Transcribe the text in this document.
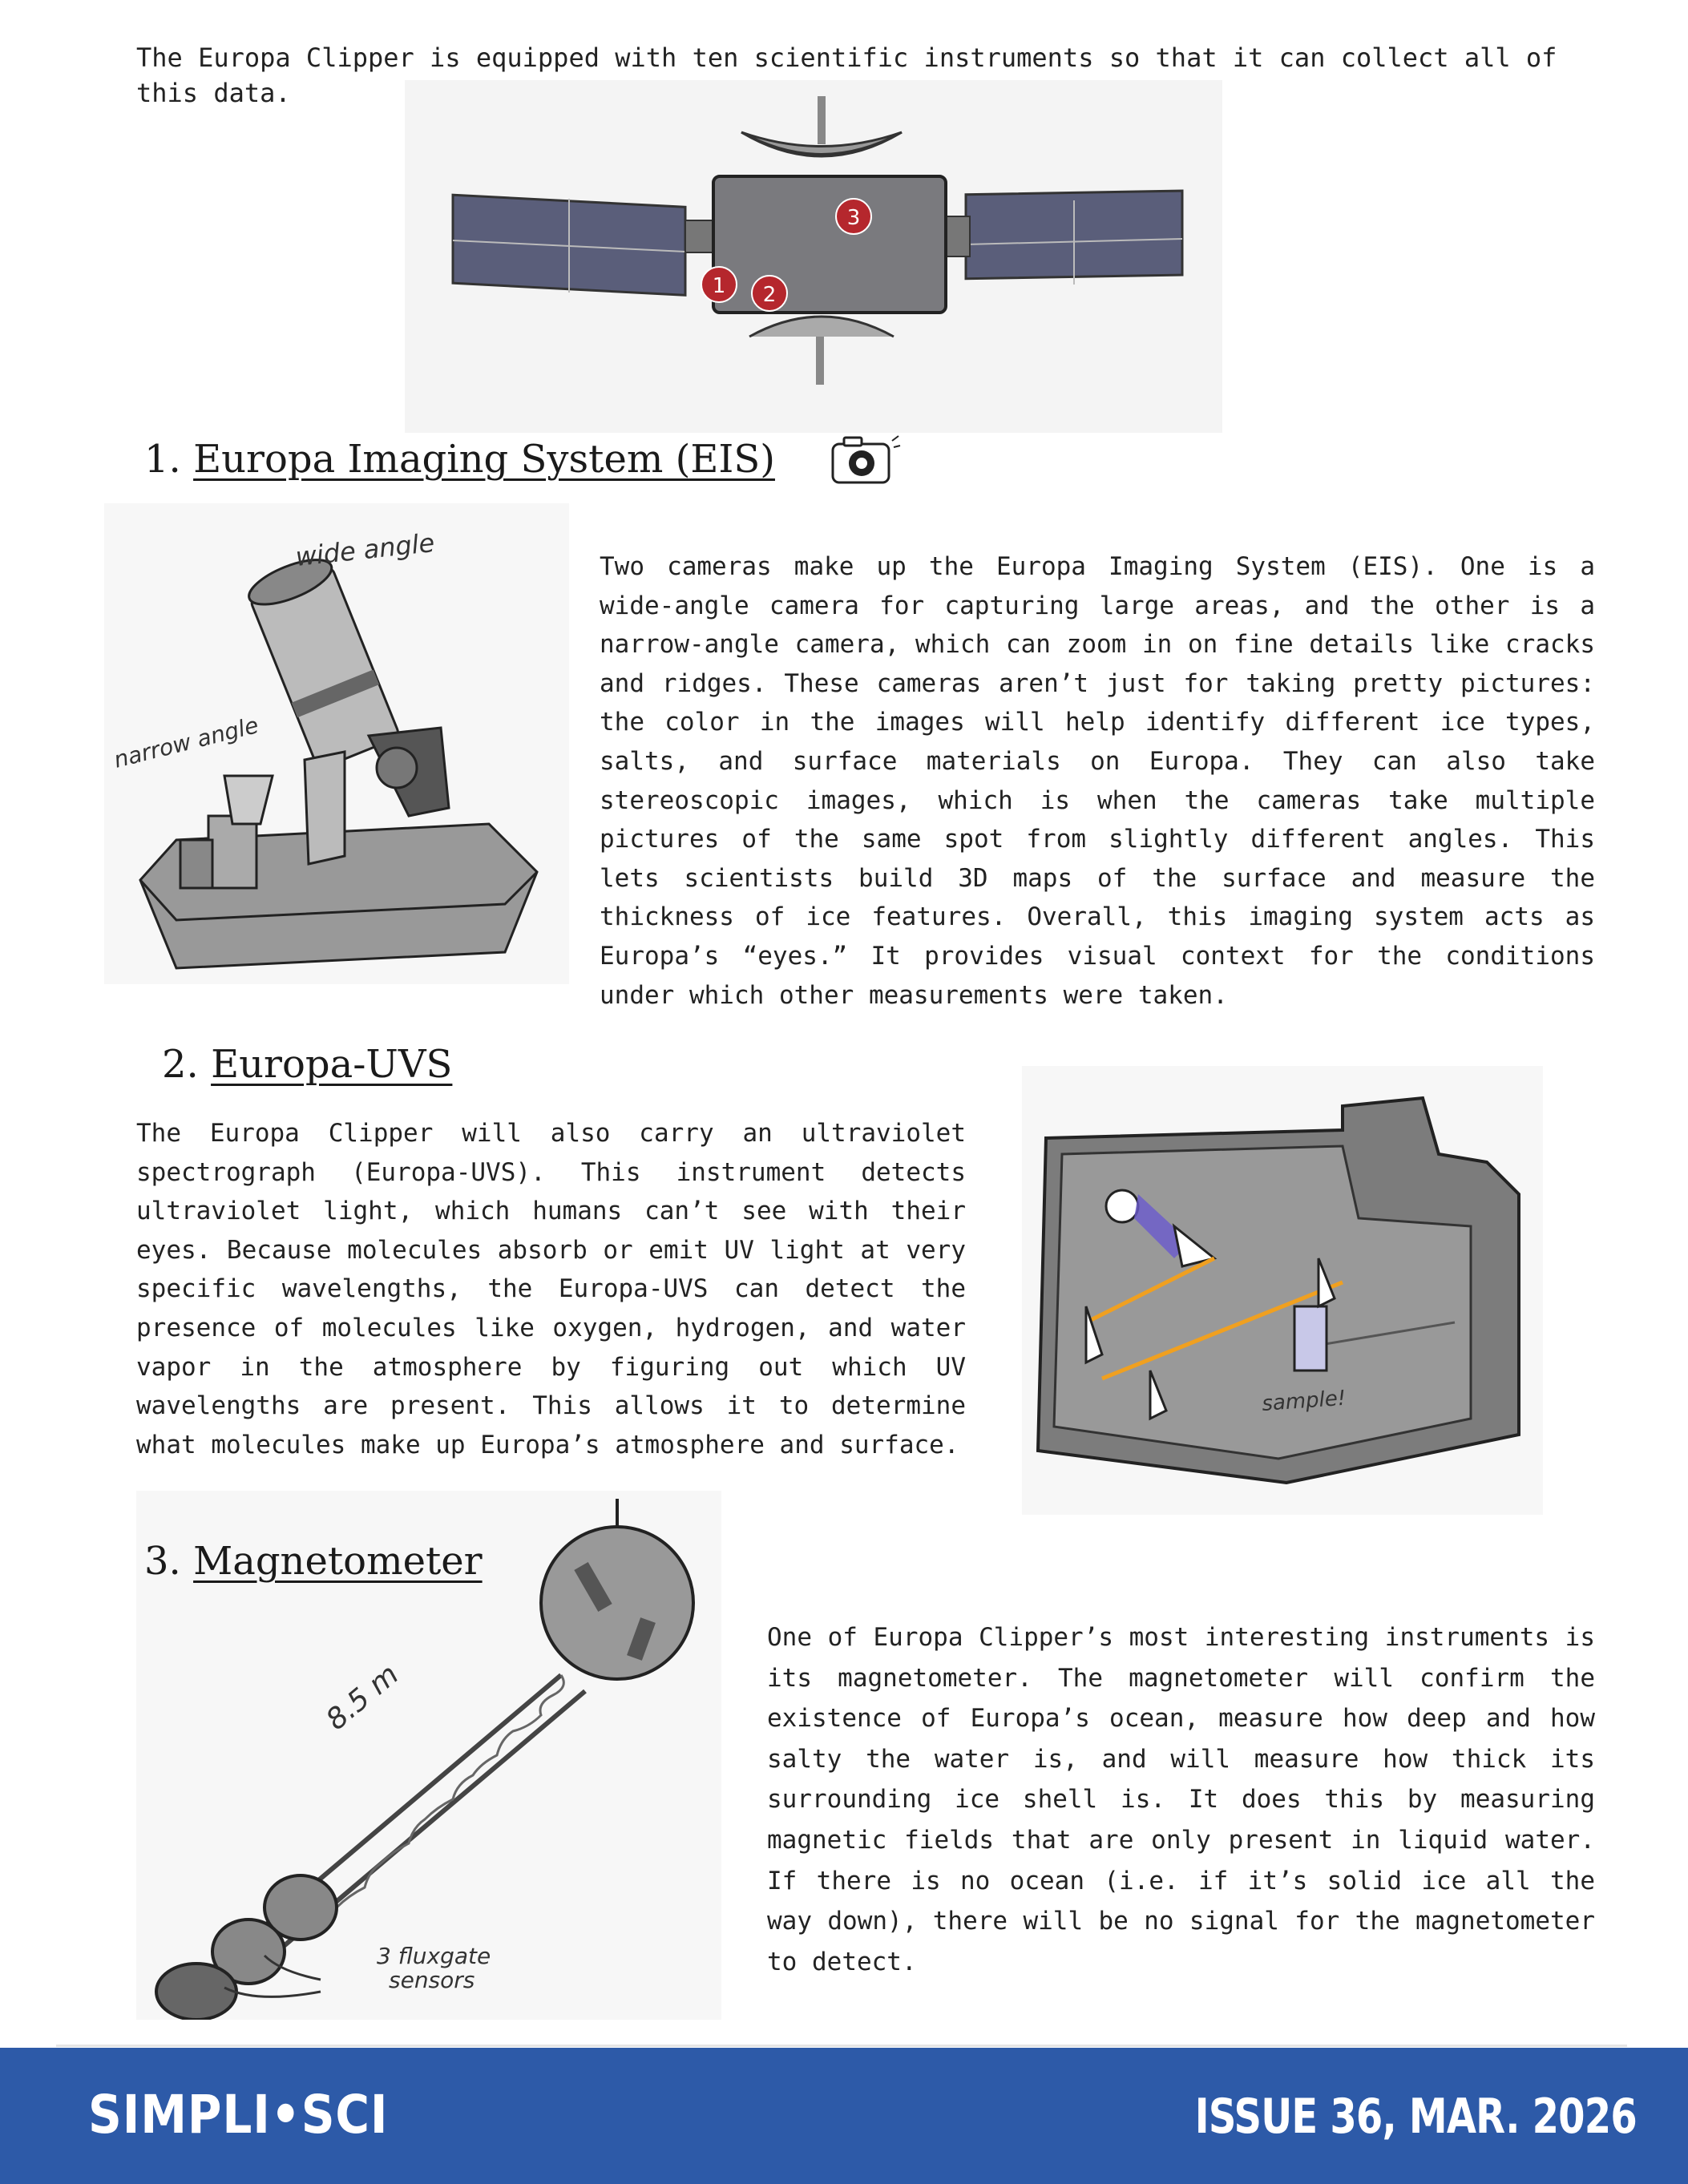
The Europa Clipper is equipped with ten scientific instruments so that it can collect all of this data.
3
1 2
1. Europa Imaging System (EIS)
wide angle
narrow angle
Two cameras make up the Europa Imaging System (EIS). One is a wide-angle camera for capturing large areas, and the other is a narrow-angle camera, which can zoom in on fine details like cracks and ridges. These cameras aren’t just for taking pretty pictures: the color in the images will help identify different ice types, salts, and surface materials on Europa. They can also take stereoscopic images, which is when the cameras take multiple pictures of the same spot from slightly different angles. This lets scientists build 3D maps of the surface and measure the thickness of ice features. Overall, this imaging system acts as Europa’s “eyes.” It provides visual context for the conditions under which other measurements were taken.
2. Europa-UVS
The Europa Clipper will also carry an ultraviolet spectrograph (Europa-UVS). This instrument detects ultraviolet light, which humans can’t see with their eyes. Because molecules absorb or emit UV light at very specific wavelengths, the Europa-UVS can detect the presence of molecules like oxygen, hydrogen, and water vapor in the atmosphere by figuring out which UV wavelengths are present. This allows it to determine what molecules make up Europa’s atmosphere and surface.
sample!
8.5 m
3 fluxgate
sensors
3. Magnetometer
One of Europa Clipper’s most interesting instruments is its magnetometer. The magnetometer will confirm the existence of Europa’s ocean, measure how deep and how salty the water is, and will measure how thick its surrounding ice shell is. It does this by measuring magnetic fields that are only present in liquid water. If there is no ocean (i.e. if it’s solid ice all the way down), there will be no signal for the magnetometer to detect.
SIMPLI•SCI	ISSUE 36, MAR. 2026
